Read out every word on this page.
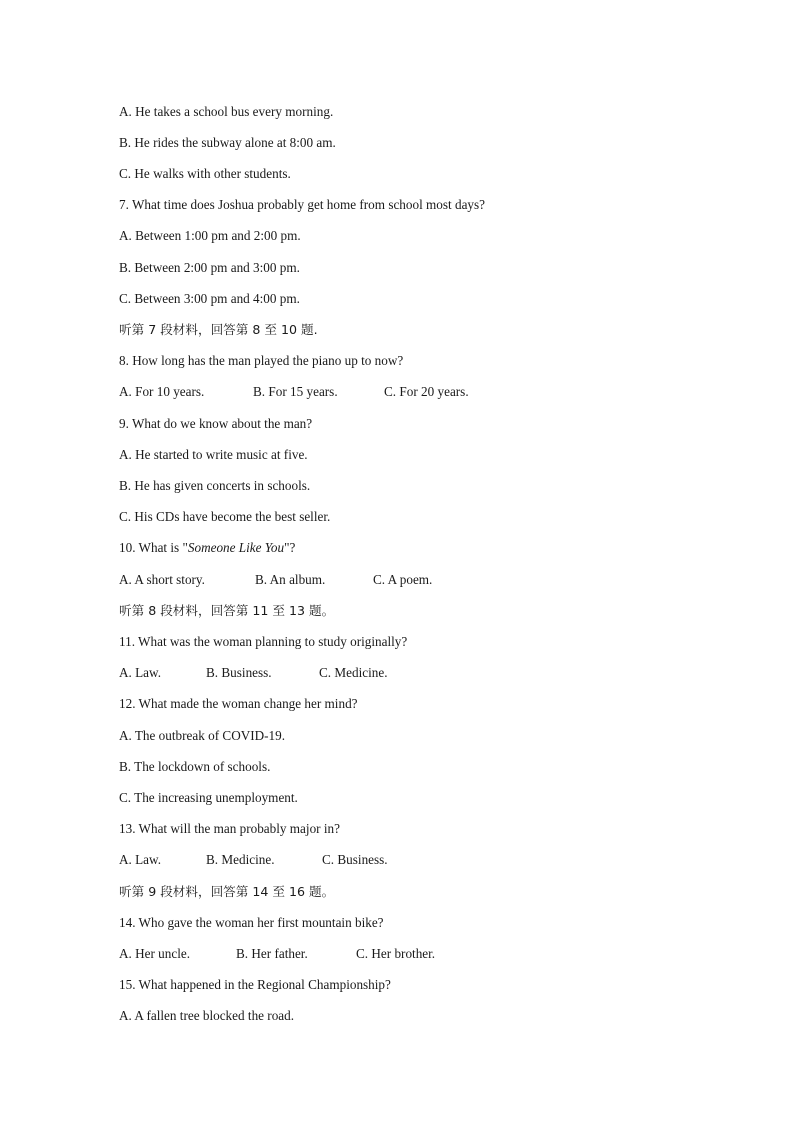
A. He takes a school bus every morning.
B. He rides the subway alone at 8:00 am.
C. He walks with other students.
7. What time does Joshua probably get home from school most days?
A. Between 1:00 pm and 2:00 pm.
B. Between 2:00 pm and 3:00 pm.
C. Between 3:00 pm and 4:00 pm.
听第 7 段材料，回答第 8 至 10 题.
8. How long has the man played the piano up to now?
A. For 10 years.	B. For 15 years.	C. For 20 years.
9. What do we know about the man?
A. He started to write music at five.
B. He has given concerts in schools.
C. His CDs have become the best seller.
10. What is "Someone Like You"?
A. A short story.	B. An album.	C. A poem.
听第 8 段材料，回答第 11 至 13 题。
11. What was the woman planning to study originally?
A. Law.	B. Business.	C. Medicine.
12. What made the woman change her mind?
A. The outbreak of COVID-19.
B. The lockdown of schools.
C. The increasing unemployment.
13. What will the man probably major in?
A. Law.	B. Medicine.	C. Business.
听第 9 段材料，回答第 14 至 16 题。
14. Who gave the woman her first mountain bike?
A. Her uncle.	B. Her father.	C. Her brother.
15. What happened in the Regional Championship?
A. A fallen tree blocked the road.
